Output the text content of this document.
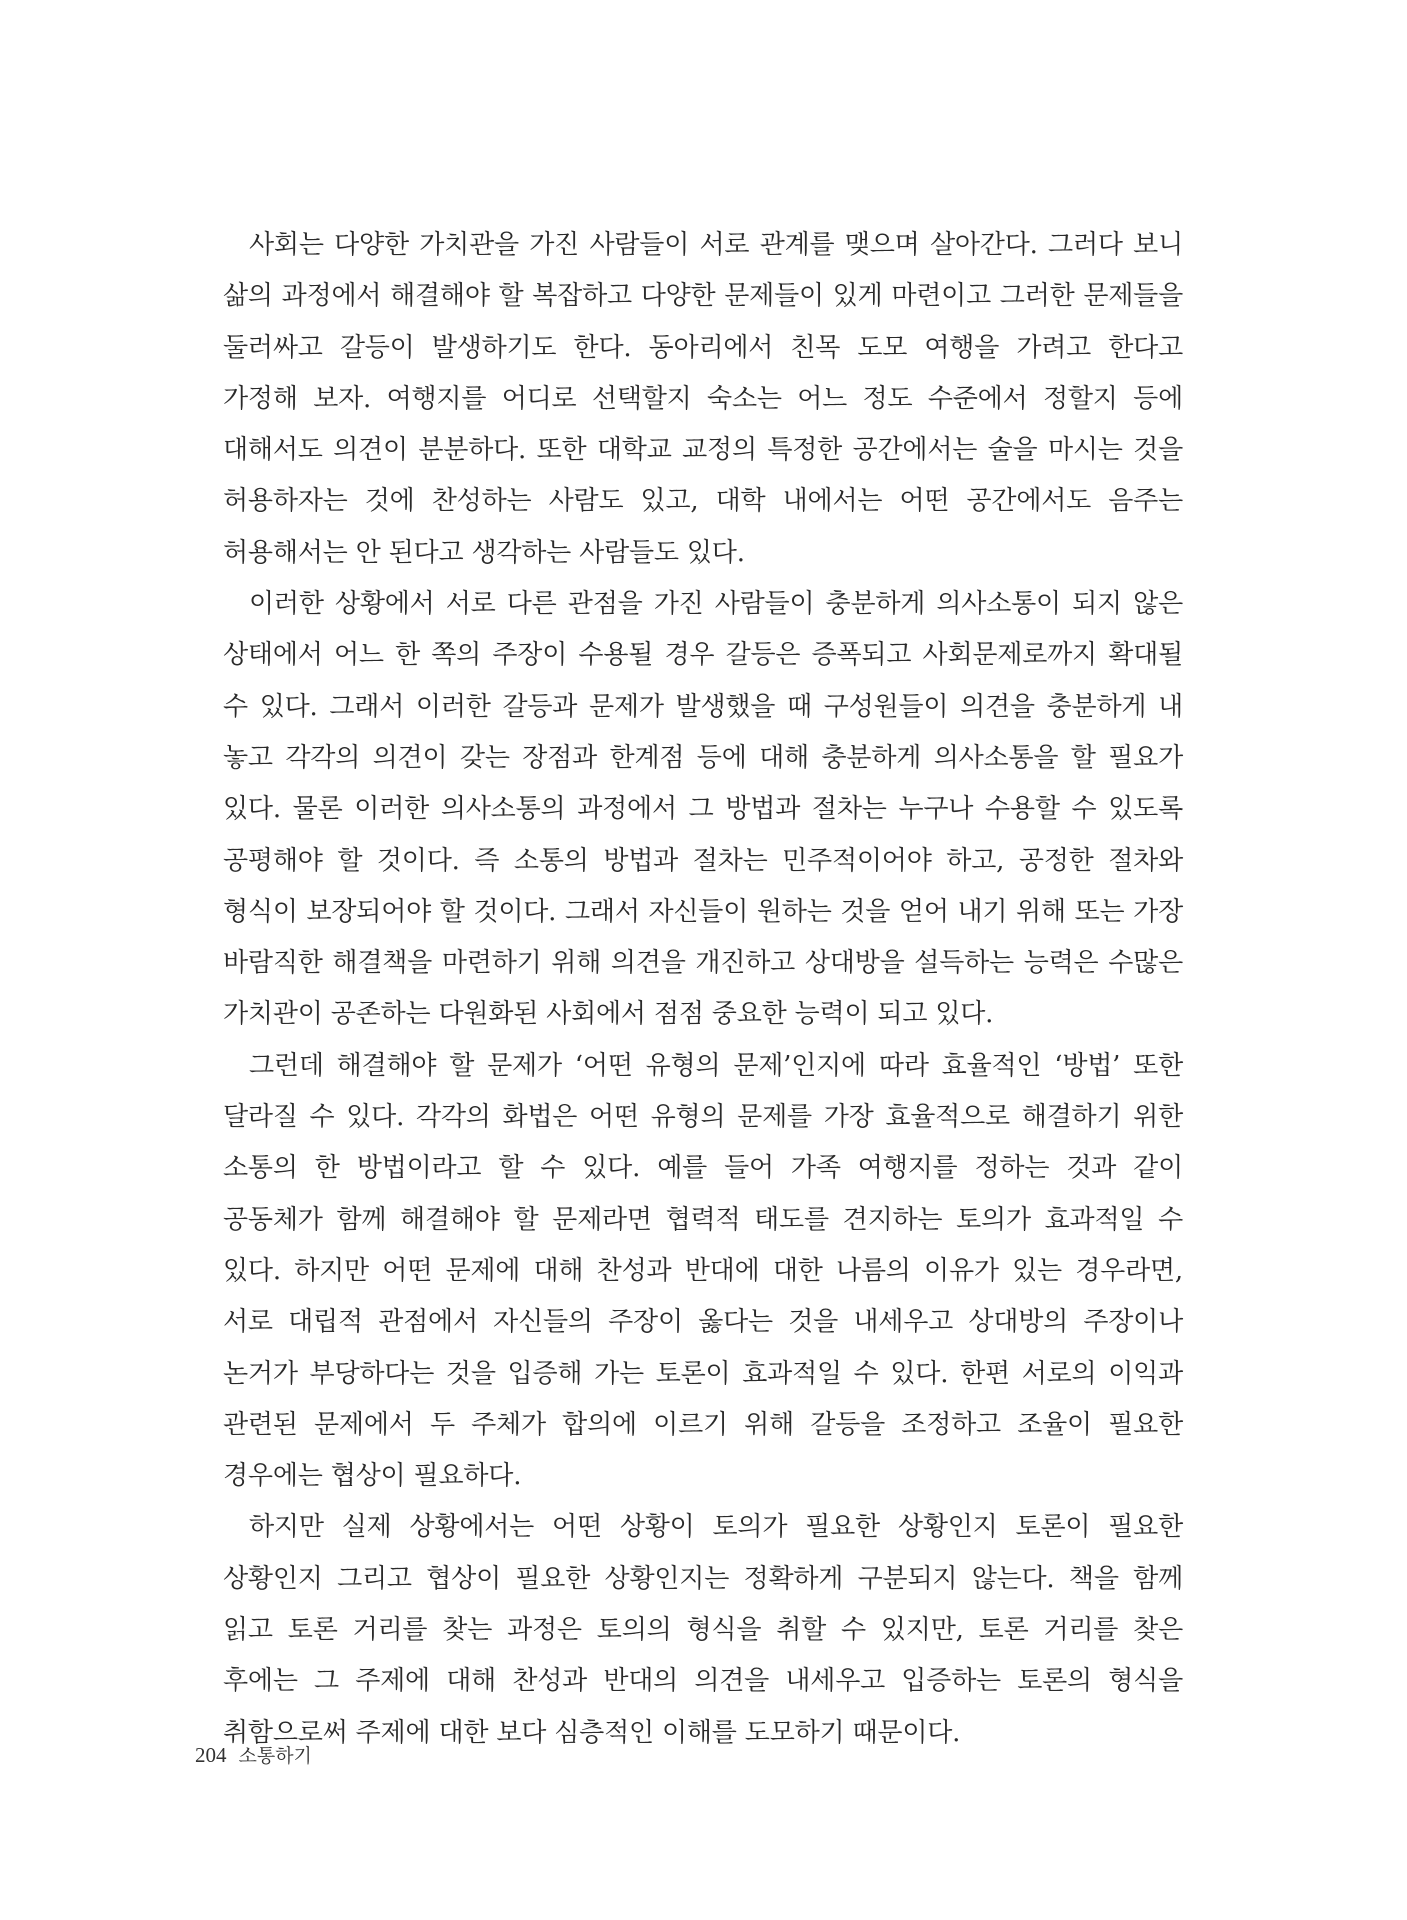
사회는 다양한 가치관을 가진 사람들이 서로 관계를 맺으며 살아간다. 그러다 보니 삶의 과정에서 해결해야 할 복잡하고 다양한 문제들이 있게 마련이고 그러한 문제들을 둘러싸고 갈등이 발생하기도 한다. 동아리에서 친목 도모 여행을 가려고 한다고 가정해 보자. 여행지를 어디로 선택할지 숙소는 어느 정도 수준에서 정할지 등에 대해서도 의견이 분분하다. 또한 대학교 교정의 특정한 공간에서는 술을 마시는 것을 허용하자는 것에 찬성하는 사람도 있고, 대학 내에서는 어떤 공간에서도 음주는 허용해서는 안 된다고 생각하는 사람들도 있다.

이러한 상황에서 서로 다른 관점을 가진 사람들이 충분하게 의사소통이 되지 않은 상태에서 어느 한 쪽의 주장이 수용될 경우 갈등은 증폭되고 사회문제로까지 확대될 수 있다. 그래서 이러한 갈등과 문제가 발생했을 때 구성원들이 의견을 충분하게 내 놓고 각각의 의견이 갖는 장점과 한계점 등에 대해 충분하게 의사소통을 할 필요가 있다. 물론 이러한 의사소통의 과정에서 그 방법과 절차는 누구나 수용할 수 있도록 공평해야 할 것이다. 즉 소통의 방법과 절차는 민주적이어야 하고, 공정한 절차와 형식이 보장되어야 할 것이다. 그래서 자신들이 원하는 것을 얻어 내기 위해 또는 가장 바람직한 해결책을 마련하기 위해 의견을 개진하고 상대방을 설득하는 능력은 수많은 가치관이 공존하는 다원화된 사회에서 점점 중요한 능력이 되고 있다.

그런데 해결해야 할 문제가 ‘어떤 유형의 문제’인지에 따라 효율적인 ‘방법’ 또한 달라질 수 있다. 각각의 화법은 어떤 유형의 문제를 가장 효율적으로 해결하기 위한 소통의 한 방법이라고 할 수 있다. 예를 들어 가족 여행지를 정하는 것과 같이 공동체가 함께 해결해야 할 문제라면 협력적 태도를 견지하는 토의가 효과적일 수 있다. 하지만 어떤 문제에 대해 찬성과 반대에 대한 나름의 이유가 있는 경우라면, 서로 대립적 관점에서 자신들의 주장이 옳다는 것을 내세우고 상대방의 주장이나 논거가 부당하다는 것을 입증해 가는 토론이 효과적일 수 있다. 한편 서로의 이익과 관련된 문제에서 두 주체가 합의에 이르기 위해 갈등을 조정하고 조율이 필요한 경우에는 협상이 필요하다.

하지만 실제 상황에서는 어떤 상황이 토의가 필요한 상황인지 토론이 필요한 상황인지 그리고 협상이 필요한 상황인지는 정확하게 구분되지 않는다. 책을 함께 읽고 토론 거리를 찾는 과정은 토의의 형식을 취할 수 있지만, 토론 거리를 찾은 후에는 그 주제에 대해 찬성과 반대의 의견을 내세우고 입증하는 토론의 형식을 취함으로써 주제에 대한 보다 심층적인 이해를 도모하기 때문이다.

204 소통하기
